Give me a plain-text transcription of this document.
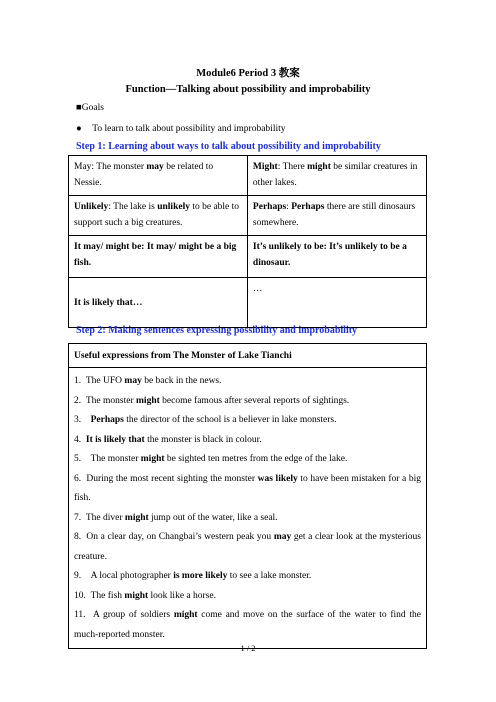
Module6 Period 3 教案
Function—Talking about possibility and improbability
■Goals
● To learn to talk about possibility and improbability
Step 1: Learning about ways to talk about possibility and improbability
May: The monster may be related to Nessie.	Might: There might be similar creatures in other lakes.
Unlikely: The lake is unlikely to be able to support such a big creatures.	Perhaps: Perhaps there are still dinosaurs somewhere.
It may/ might be: It may/ might be a big fish.	It’s unlikely to be: It’s unlikely to be a dinosaur.
It is likely that…	…
Step 2: Making sentences expressing possibility and improbability
Useful expressions from The Monster of Lake Tianchi

1. The UFO may be back in the news.
2. The monster might become famous after several reports of sightings.
3. Perhaps the director of the school is a believer in lake monsters.
4. It is likely that the monster is black in colour.
5. The monster might be sighted ten metres from the edge of the lake.
6. During the most recent sighting the monster was likely to have been mistaken for a big fish.
7. The diver might jump out of the water, like a seal.
8. On a clear day, on Changbai’s western peak you may get a clear look at the mysterious creature.
9. A local photographer is more likely to see a lake monster.
10. The fish might look like a horse.
11. A group of soldiers might come and move on the surface of the water to find the much-reported monster.
1 / 2
